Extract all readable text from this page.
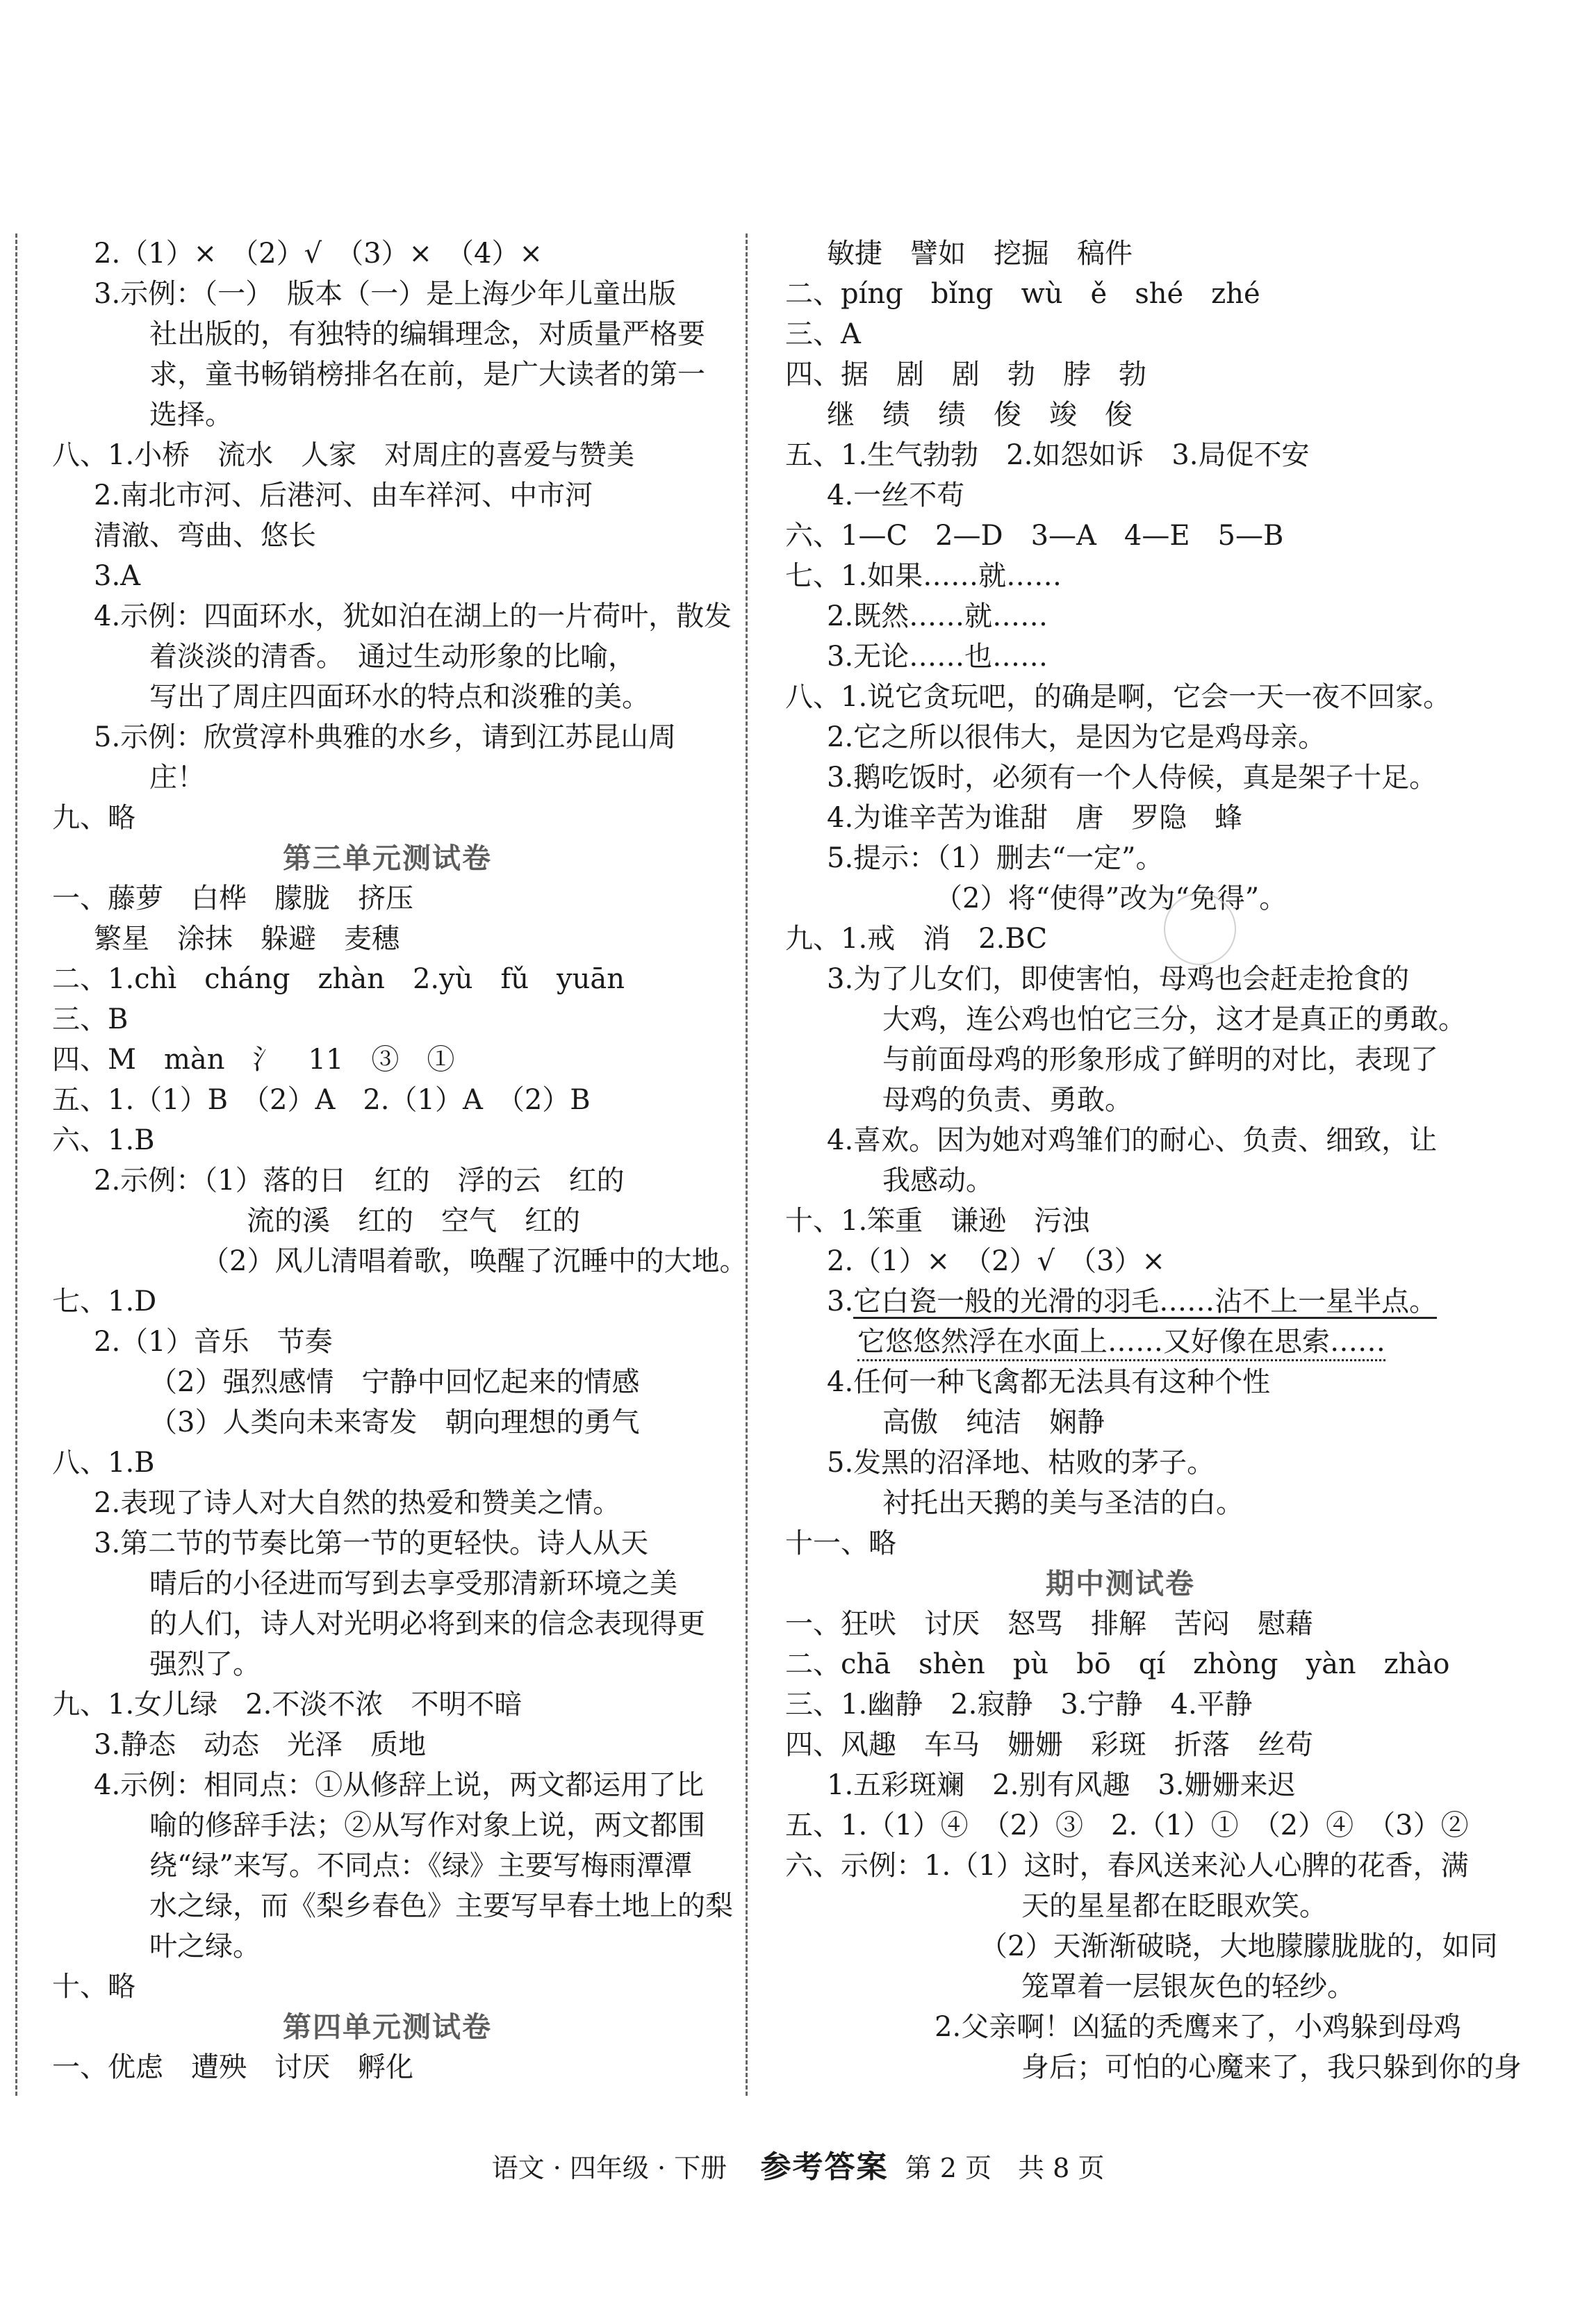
2.（1）×　（2）√　（3）×　（4）×
3.示例：（一）　版本（一）是上海少年儿童出版
社出版的，有独特的编辑理念，对质量严格要
求，童书畅销榜排名在前，是广大读者的第一
选择。
八、1.小桥　流水　人家　对周庄的喜爱与赞美
2.南北市河、后港河、由车祥河、中市河
清澈、弯曲、悠长
3.A
4.示例：四面环水，犹如泊在湖上的一片荷叶，散发
着淡淡的清香。　通过生动形象的比喻，
写出了周庄四面环水的特点和淡雅的美。
5.示例：欣赏淳朴典雅的水乡，请到江苏昆山周
庄！
九、略
第三单元测试卷
一、藤萝　白桦　朦胧　挤压
繁星　涂抹　躲避　麦穗
二、1.chì　cháng　zhàn　2.yù　fǔ　yuān
三、B
四、M　màn　氵　11　③　①
五、1.（1）B　（2）A　2.（1）A　（2）B
六、1.B
2.示例：（1）落的日　红的　浮的云　红的
流的溪　红的　空气　红的
（2）风儿清唱着歌，唤醒了沉睡中的大地。
七、1.D
2.（1）音乐　节奏
（2）强烈感情　宁静中回忆起来的情感
（3）人类向未来寄发　朝向理想的勇气
八、1.B
2.表现了诗人对大自然的热爱和赞美之情。
3.第二节的节奏比第一节的更轻快。诗人从天
晴后的小径进而写到去享受那清新环境之美
的人们，诗人对光明必将到来的信念表现得更
强烈了。
九、1.女儿绿　2.不淡不浓　不明不暗
3.静态　动态　光泽　质地
4.示例：相同点：①从修辞上说，两文都运用了比
喻的修辞手法；②从写作对象上说，两文都围
绕“绿”来写。不同点：《绿》主要写梅雨潭潭
水之绿，而《梨乡春色》主要写早春土地上的梨
叶之绿。
十、略
第四单元测试卷
一、优虑　遭殃　讨厌　孵化
敏捷　譬如　挖掘　稿件
二、píng　bǐng　wù　ě　shé　zhé
三、A
四、据　剧　剧　勃　脖　勃
继　绩　绩　俊　竣　俊
五、1.生气勃勃　2.如怨如诉　3.局促不安
4.一丝不苟
六、1—C　2—D　3—A　4—E　5—B
七、1.如果……就……
2.既然……就……
3.无论……也……
八、1.说它贪玩吧，的确是啊，它会一天一夜不回家。
2.它之所以很伟大，是因为它是鸡母亲。
3.鹅吃饭时，必须有一个人侍候，真是架子十足。
4.为谁辛苦为谁甜　唐　罗隐　蜂
5.提示：（1）删去“一定”。
（2）将“使得”改为“免得”。
九、1.戒　消　2.BC
3.为了儿女们，即使害怕，母鸡也会赶走抢食的
大鸡，连公鸡也怕它三分，这才是真正的勇敢。
与前面母鸡的形象形成了鲜明的对比，表现了
母鸡的负责、勇敢。
4.喜欢。因为她对鸡雏们的耐心、负责、细致，让
我感动。
十、1.笨重　谦逊　污浊
2.（1）×　（2）√　（3）×
3.它白瓷一般的光滑的羽毛……沾不上一星半点。
它悠悠然浮在水面上……又好像在思索……
4.任何一种飞禽都无法具有这种个性
高傲　纯洁　娴静
5.发黑的沼泽地、枯败的茅子。
衬托出天鹅的美与圣洁的白。
十一、略
期中测试卷
一、狂吠　讨厌　怒骂　排解　苦闷　慰藉
二、chā　shèn　pù　bō　qí　zhòng　yàn　zhào
三、1.幽静　2.寂静　3.宁静　4.平静
四、风趣　车马　姗姗　彩斑　折落　丝苟
1.五彩斑斓　2.别有风趣　3.姗姗来迟
五、1.（1）④　（2）③　2.（1）①　（2）④　（3）②
六、示例：1.（1）这时，春风送来沁人心脾的花香，满
天的星星都在眨眼欢笑。
（2）天渐渐破晓，大地朦朦胧胧的，如同
笼罩着一层银灰色的轻纱。
2.父亲啊！凶猛的秃鹰来了，小鸡躲到母鸡
身后；可怕的心魔来了，我只躲到你的身
语文 · 四年级 · 下册 参考答案 第 2 页　共 8 页
